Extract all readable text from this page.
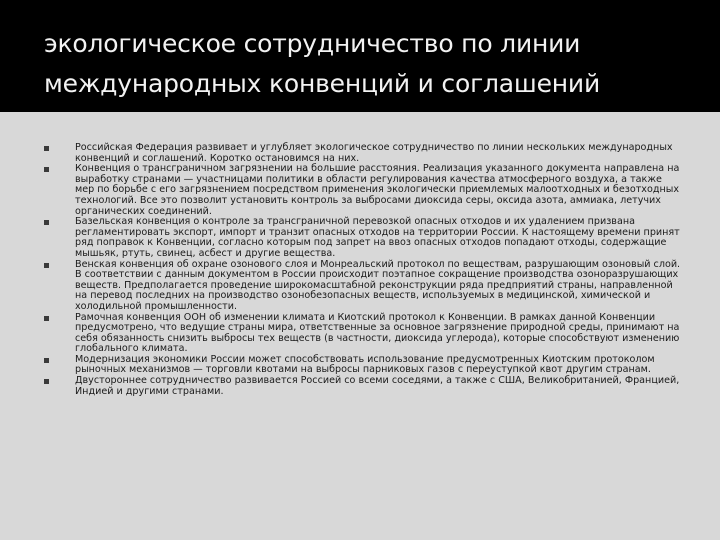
экологическое сотрудничество по линии
международных конвенций и соглашений
Российская Федерация развивает и углубляет экологическое сотрудничество по линии нескольких международных конвенций и соглашений. Коротко остановимся на них.
Конвенция о трансграничном загрязнении на большие расстояния. Реализация указанного документа направлена на выработку странами — участницами политики в области регулирования качества атмосферного воздуха, а также мер по борьбе с его загрязнением посредством применения экологически приемлемых малоотходных и безотходных технологий. Все это позволит установить контроль за выбросами диоксида серы, оксида азота, аммиака, летучих органических соединений.
Базельская конвенция о контроле за трансграничной перевозкой опасных отходов и их удалением призвана регламентировать экспорт, импорт и транзит опасных отходов на территории России. К настоящему времени принят ряд поправок к Конвенции, согласно которым под запрет на ввоз опасных отходов попадают отходы, содержащие мышьяк, ртуть, свинец, асбест и другие вещества.
Венская конвенция об охране озонового слоя и Монреальский протокол по веществам, разрушающим озоновый слой. В соответствии с данным документом в России происходит поэтапное сокращение производства озоноразрушающих веществ. Предполагается проведение широкомасштабной реконструкции ряда предприятий страны, направленной на перевод последних на производство озонобезопасных веществ, используемых в медицинской, химической и холодильной промышленности.
Рамочная конвенция ООН об изменении климата и Киотский протокол к Конвенции. В рамках данной Конвенции предусмотрено, что ведущие страны мира, ответственные за основное загрязнение природной среды, принимают на себя обязанность снизить выбросы тех веществ (в частности, диоксида углерода), которые способствуют изменению глобального климата.
Модернизация экономики России может способствовать использование предусмотренных Киотским протоколом рыночных механизмов — торговли квотами на выбросы парниковых газов с переуступкой квот другим странам.
Двустороннее сотрудничество развивается Россией со всеми соседями, а также с США, Великобританией, Францией, Индией и другими странами.
